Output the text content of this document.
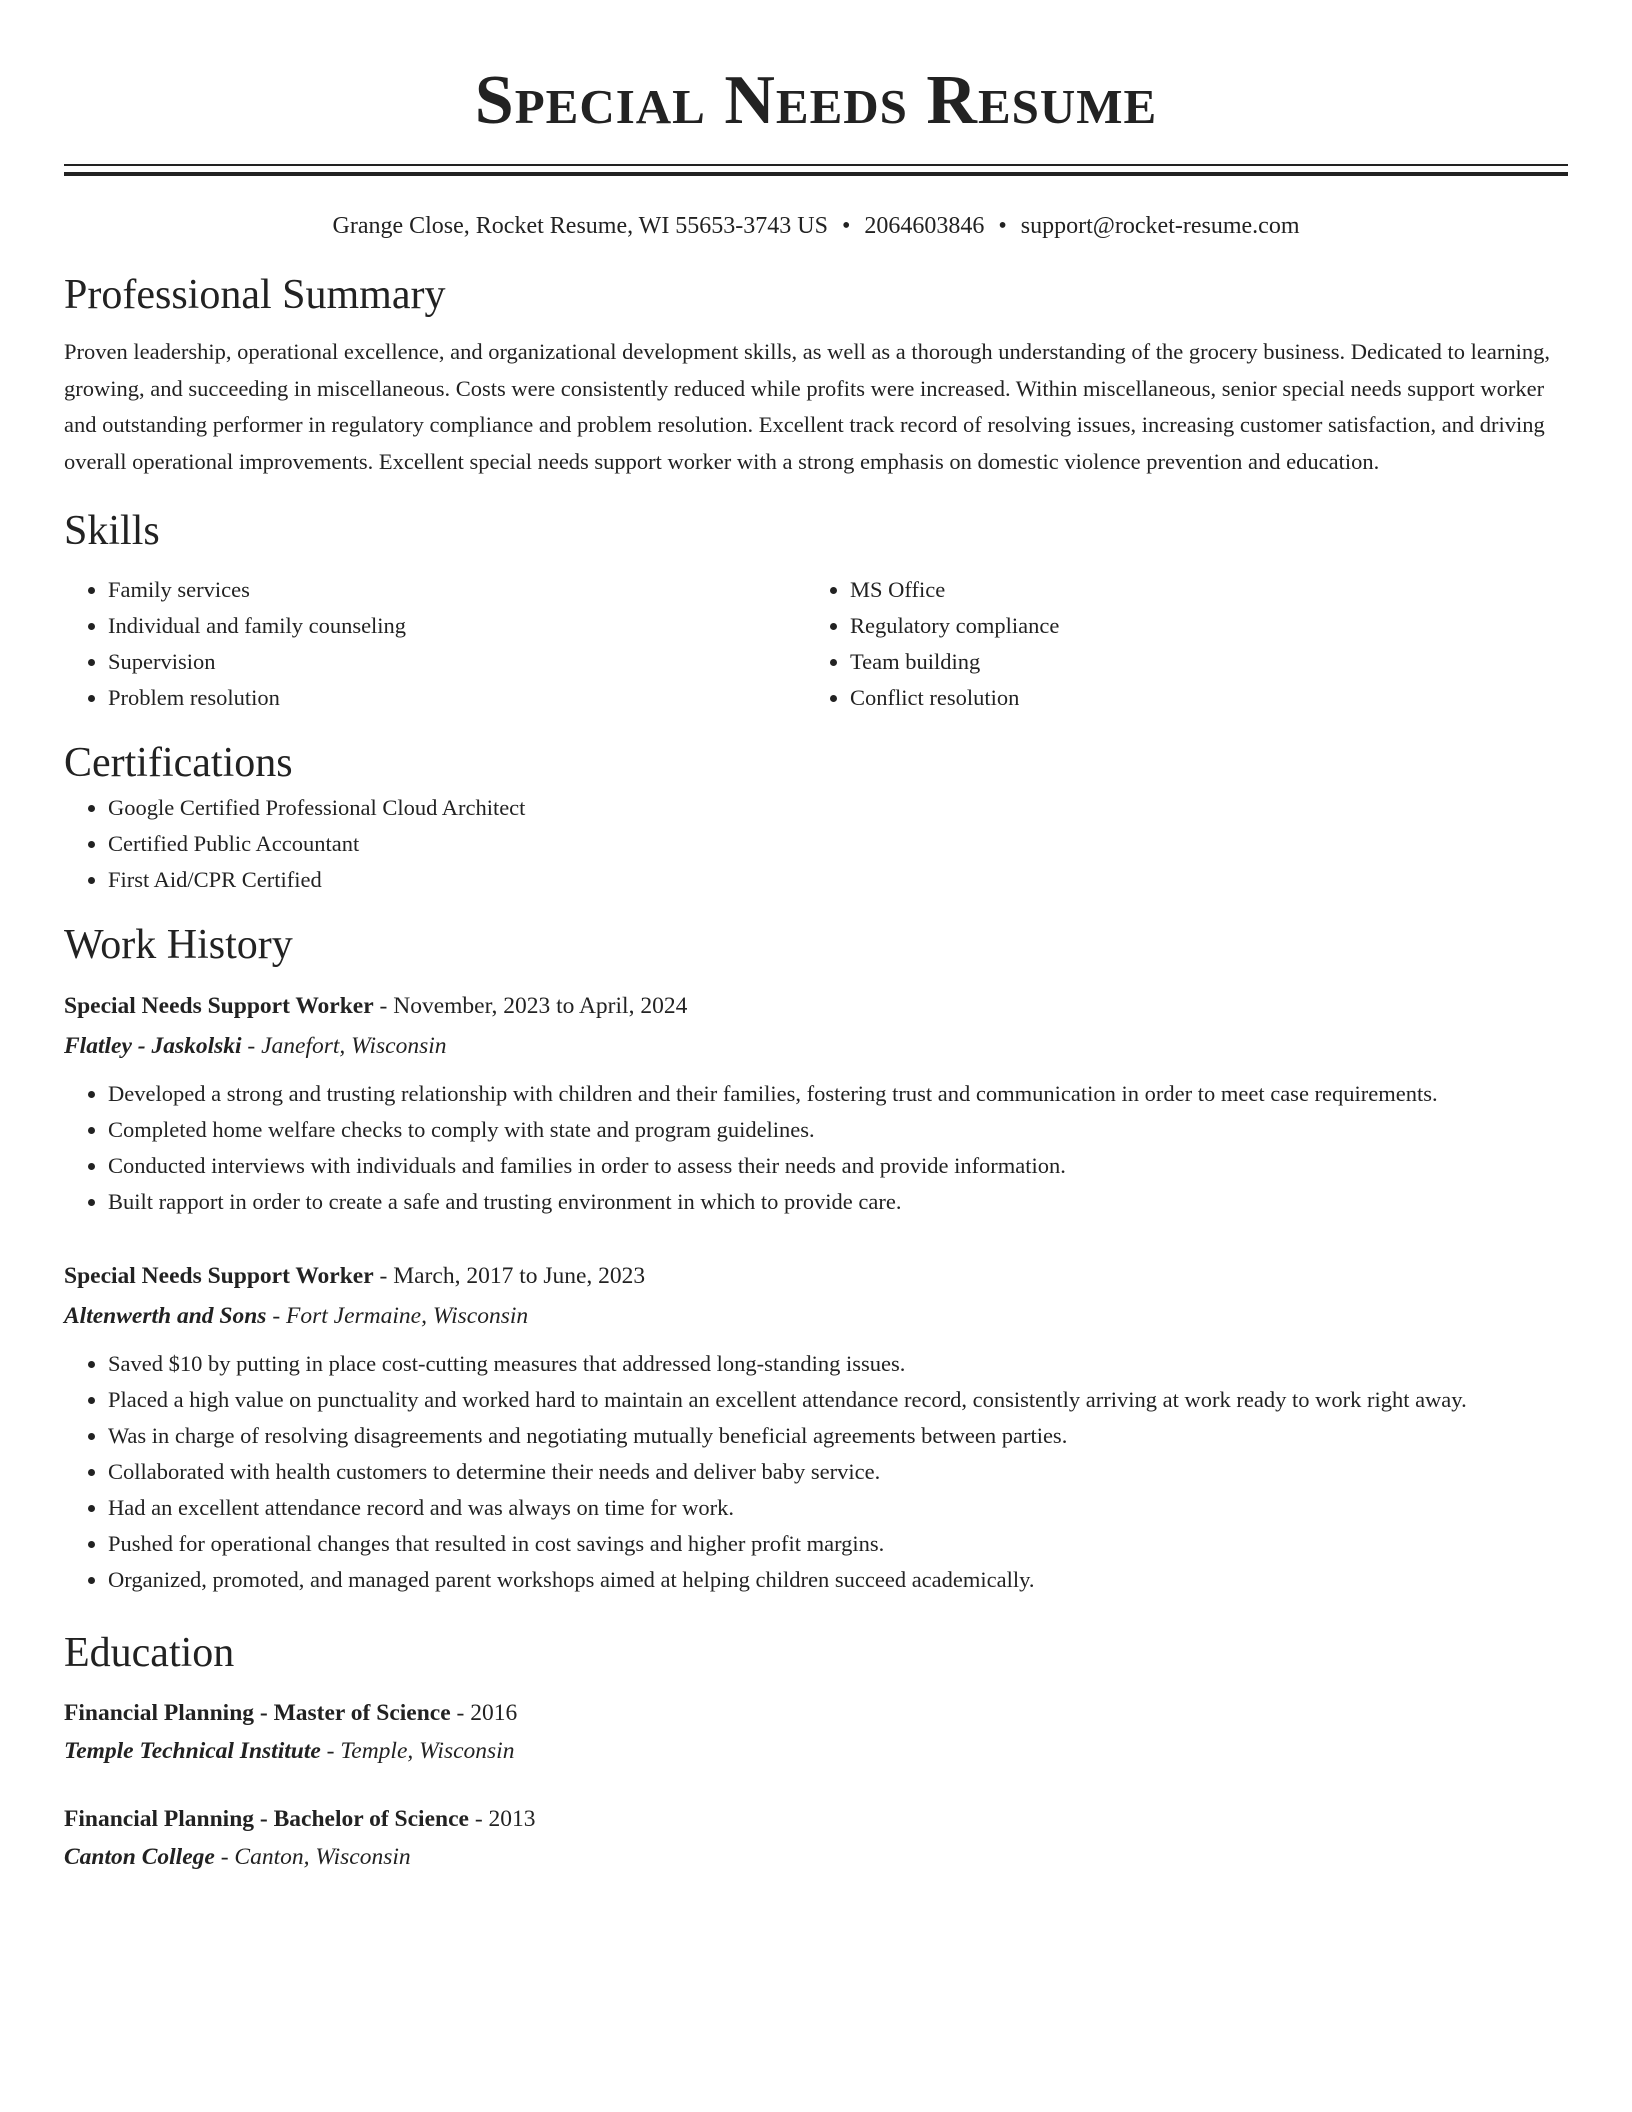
Special Needs Resume
Grange Close, Rocket Resume, WI 55653-3743 US • 2064603846 • support@rocket-resume.com
Professional Summary

Proven leadership, operational excellence, and organizational development skills, as well as a thorough understanding of the grocery business. Dedicated to learning, growing, and succeeding in miscellaneous. Costs were consistently reduced while profits were increased. Within miscellaneous, senior special needs support worker and outstanding performer in regulatory compliance and problem resolution. Excellent track record of resolving issues, increasing customer satisfaction, and driving overall operational improvements. Excellent special needs support worker with a strong emphasis on domestic violence prevention and education.

Skills
• Family services
• Individual and family counseling
• Supervision
• Problem resolution
• MS Office
• Regulatory compliance
• Team building
• Conflict resolution
Certifications
• Google Certified Professional Cloud Architect
• Certified Public Accountant
• First Aid/CPR Certified
Work History
Special Needs Support Worker - November, 2023 to April, 2024
Flatley - Jaskolski - Janefort, Wisconsin
• Developed a strong and trusting relationship with children and their families, fostering trust and communication in order to meet case requirements.
• Completed home welfare checks to comply with state and program guidelines.
• Conducted interviews with individuals and families in order to assess their needs and provide information.
• Built rapport in order to create a safe and trusting environment in which to provide care.
Special Needs Support Worker - March, 2017 to June, 2023
Altenwerth and Sons - Fort Jermaine, Wisconsin
• Saved $10 by putting in place cost-cutting measures that addressed long-standing issues.
• Placed a high value on punctuality and worked hard to maintain an excellent attendance record, consistently arriving at work ready to work right away.
• Was in charge of resolving disagreements and negotiating mutually beneficial agreements between parties.
• Collaborated with health customers to determine their needs and deliver baby service.
• Had an excellent attendance record and was always on time for work.
• Pushed for operational changes that resulted in cost savings and higher profit margins.
• Organized, promoted, and managed parent workshops aimed at helping children succeed academically.
Education
Financial Planning - Master of Science - 2016
Temple Technical Institute - Temple, Wisconsin
Financial Planning - Bachelor of Science - 2013
Canton College - Canton, Wisconsin
